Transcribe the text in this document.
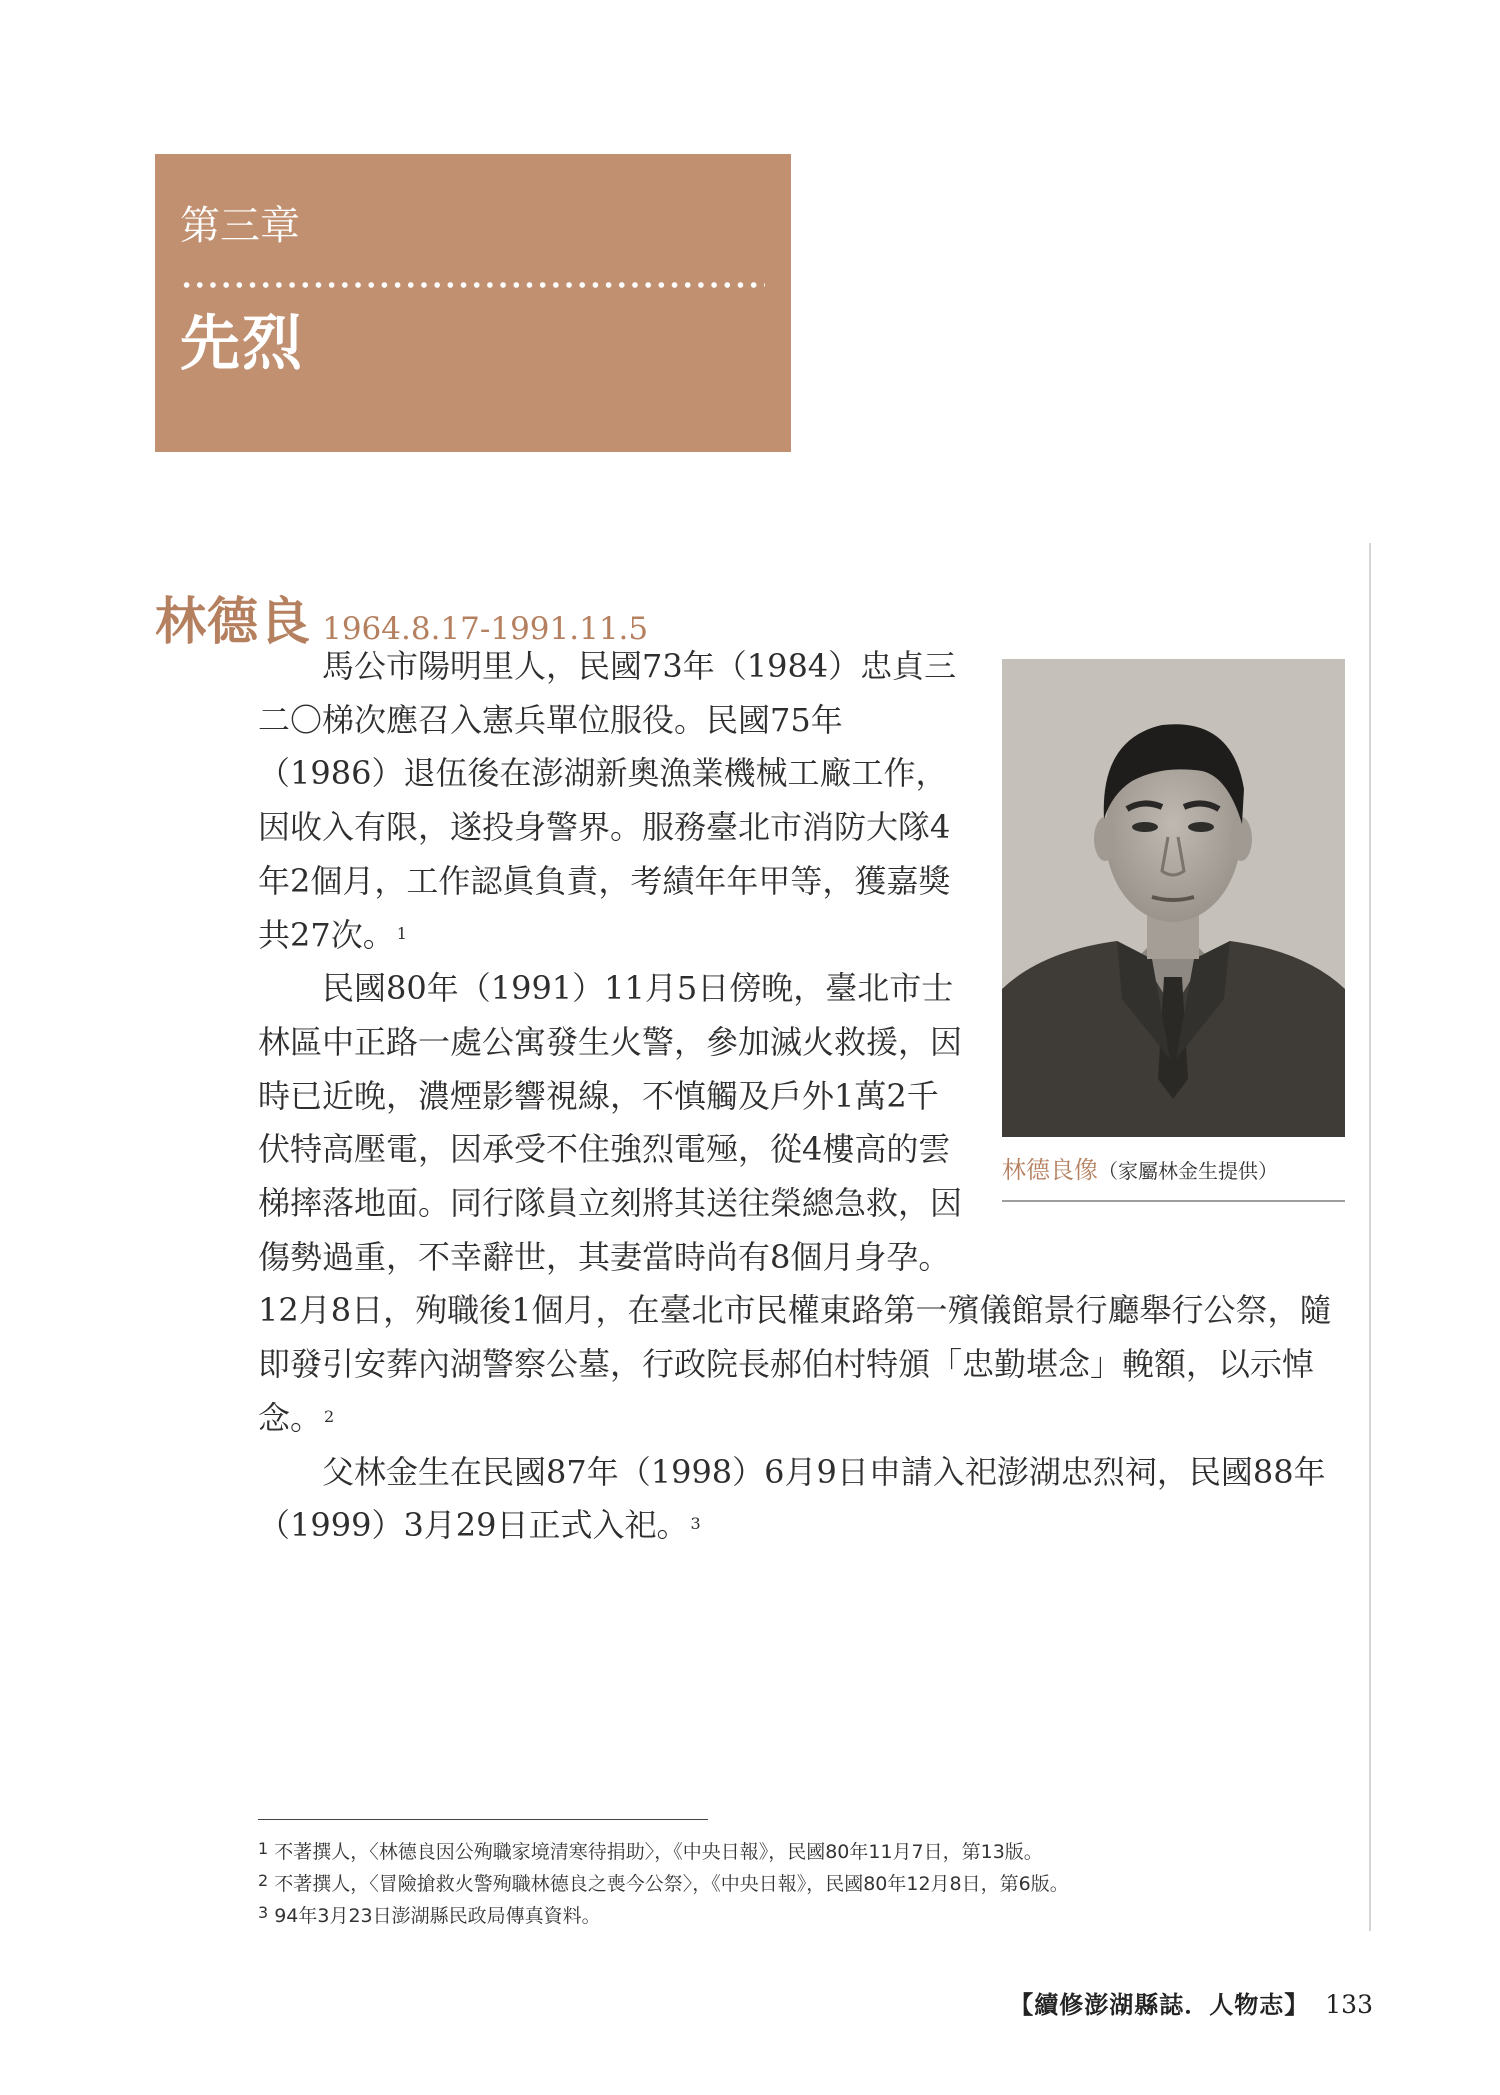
第三章
先烈
林德良 1964.8.17-1991.11.5

馬公市陽明里人，民國73年（1984）忠貞三二〇梯次應召入憲兵單位服役。民國75年（1986）退伍後在澎湖新奧漁業機械工廠工作，因收入有限，遂投身警界。服務臺北市消防大隊4年2個月，工作認眞負責，考績年年甲等，獲嘉獎共27次。 $^1$

民國80年（1991）11月5日傍晚，臺北市士林區中正路一處公寓發生火警，參加滅火救援，因時已近晚，濃煙影響視線，不慎觸及戶外1萬2千伏特高壓電，因承受不住強烈電殛，從4樓高的雲梯摔落地面。同行隊員立刻將其送往榮總急救，因傷勢過重，不幸辭世，其妻當時尚有8個月身孕。12月8日，殉職後1個月，在臺北市民權東路第一殯儀館景行廳舉行公祭，隨即發引安葬內湖警察公墓，行政院長郝伯村特頒「忠勤堪念」輓額，以示悼念。 $^2$

父林金生在民國87年（1998）6月9日申請入祀澎湖忠烈祠，民國88年（1999）3月29日正式入祀。 $^3$

林德良像（家屬林金生提供）
$^1$ 不著撰人，〈林德良因公殉職家境清寒待捐助〉，《中央日報》，民國80年11月7日，第13版。
$^2$ 不著撰人，〈冒險搶救火警殉職林德良之喪今公祭〉，《中央日報》，民國80年12月8日，第6版。
$^3$ 94年3月23日澎湖縣民政局傳真資料。
【續修澎湖縣誌．人物志】 133
